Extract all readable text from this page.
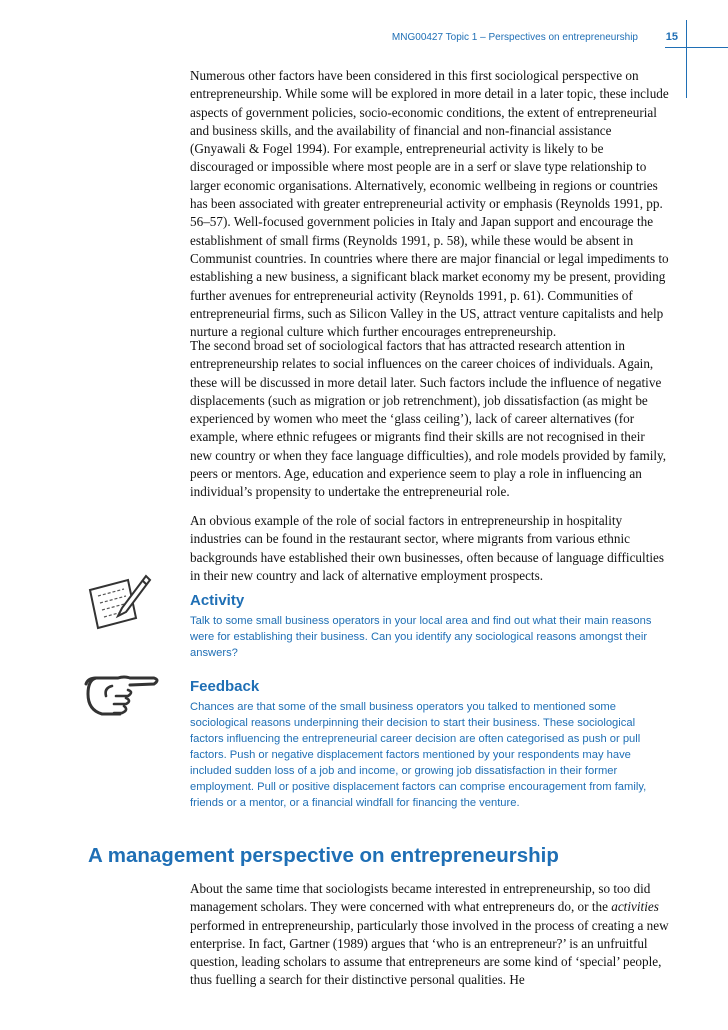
MNG00427 Topic 1 – Perspectives on entrepreneurship	15

Numerous other factors have been considered in this first sociological perspective on entrepreneurship. While some will be explored in more detail in a later topic, these include aspects of government policies, socio-economic conditions, the extent of entrepreneurial and business skills, and the availability of financial and non-financial assistance (Gnyawali & Fogel 1994). For example, entrepreneurial activity is likely to be discouraged or impossible where most people are in a serf or slave type relationship to larger economic organisations. Alternatively, economic wellbeing in regions or countries has been associated with greater entrepreneurial activity or emphasis (Reynolds 1991, pp. 56–57). Well-focused government policies in Italy and Japan support and encourage the establishment of small firms (Reynolds 1991, p. 58), while these would be absent in Communist countries. In countries where there are major financial or legal impediments to establishing a new business, a significant black market economy my be present, providing further avenues for entrepreneurial activity (Reynolds 1991, p. 61). Communities of entrepreneurial firms, such as Silicon Valley in the US, attract venture capitalists and help nurture a regional culture which further encourages entrepreneurship.

The second broad set of sociological factors that has attracted research attention in entrepreneurship relates to social influences on the career choices of individuals. Again, these will be discussed in more detail later. Such factors include the influence of negative displacements (such as migration or job retrenchment), job dissatisfaction (as might be experienced by women who meet the ‘glass ceiling’), lack of career alternatives (for example, where ethnic refugees or migrants find their skills are not recognised in their new country or when they face language difficulties), and role models provided by family, peers or mentors. Age, education and experience seem to play a role in influencing an individual’s propensity to undertake the entrepreneurial role.

An obvious example of the role of social factors in entrepreneurship in hospitality industries can be found in the restaurant sector, where migrants from various ethnic backgrounds have established their own businesses, often because of language difficulties in their new country and lack of alternative employment prospects.

Activity
Talk to some small business operators in your local area and find out what their main reasons were for establishing their business. Can you identify any sociological reasons amongst their answers?
Feedback
Chances are that some of the small business operators you talked to mentioned some sociological reasons underpinning their decision to start their business. These sociological factors influencing the entrepreneurial career decision are often categorised as push or pull factors. Push or negative displacement factors mentioned by your respondents may have included sudden loss of a job and income, or growing job dissatisfaction in their former employment. Pull or positive displacement factors can comprise encouragement from family, friends or a mentor, or a financial windfall for financing the venture.
A management perspective on entrepreneurship

About the same time that sociologists became interested in entrepreneurship, so too did management scholars. They were concerned with what entrepreneurs do, or the activities performed in entrepreneurship, particularly those involved in the process of creating a new enterprise. In fact, Gartner (1989) argues that ‘who is an entrepreneur?’ is an unfruitful question, leading scholars to assume that entrepreneurs are some kind of ‘special’ people, thus fuelling a search for their distinctive personal qualities. He
